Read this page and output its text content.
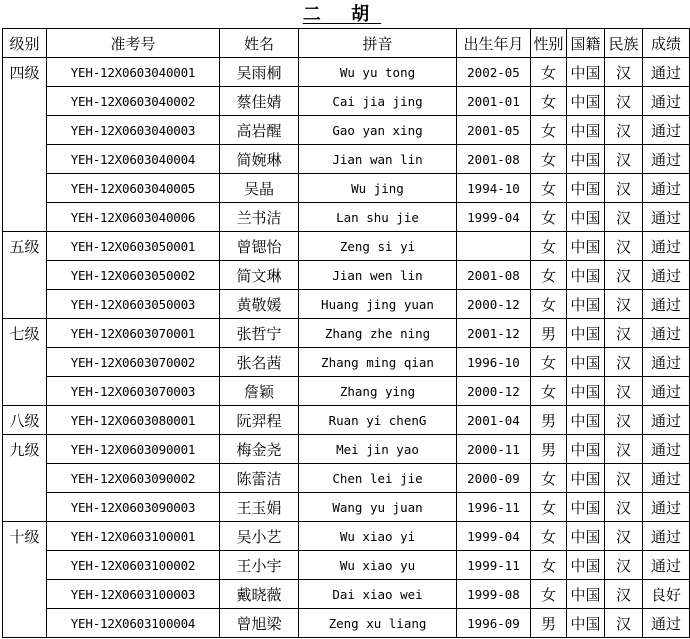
二 胡
级别	准考号	姓名	拼音	出生年月	性别	国籍	民族	成绩
四级	YEH-12X0603040001	吴雨桐	Wu yu tong	2002-05	女	中国	汉	通过
	YEH-12X0603040002	蔡佳婧	Cai jia jing	2001-01	女	中国	汉	通过
	YEH-12X0603040003	高岩醒	Gao yan xing	2001-05	女	中国	汉	通过
	YEH-12X0603040004	简婉琳	Jian wan lin	2001-08	女	中国	汉	通过
	YEH-12X0603040005	吴晶	Wu jing	1994-10	女	中国	汉	通过
	YEH-12X0603040006	兰书洁	Lan shu jie	1999-04	女	中国	汉	通过
五级	YEH-12X0603050001	曾锶怡	Zeng si yi		女	中国	汉	通过
	YEH-12X0603050002	简文琳	Jian wen lin	2001-08	女	中国	汉	通过
	YEH-12X0603050003	黄敬媛	Huang jing yuan	2000-12	女	中国	汉	通过
七级	YEH-12X0603070001	张哲宁	Zhang zhe ning	2001-12	男	中国	汉	通过
	YEH-12X0603070002	张名茜	Zhang ming qian	1996-10	女	中国	汉	通过
	YEH-12X0603070003	詹颖	Zhang ying	2000-12	女	中国	汉	通过
八级	YEH-12X0603080001	阮羿程	Ruan yi chenG	2001-04	男	中国	汉	通过
九级	YEH-12X0603090001	梅金尧	Mei jin yao	2000-11	男	中国	汉	通过
	YEH-12X0603090002	陈蕾洁	Chen lei jie	2000-09	女	中国	汉	通过
	YEH-12X0603090003	王玉娟	Wang yu juan	1996-11	女	中国	汉	通过
十级	YEH-12X0603100001	吴小艺	Wu xiao yi	1999-04	女	中国	汉	通过
	YEH-12X0603100002	王小宇	Wu xiao yu	1999-11	女	中国	汉	通过
	YEH-12X0603100003	戴晓薇	Dai xiao wei	1999-08	女	中国	汉	良好
	YEH-12X0603100004	曾旭梁	Zeng xu liang	1996-09	男	中国	汉	通过
